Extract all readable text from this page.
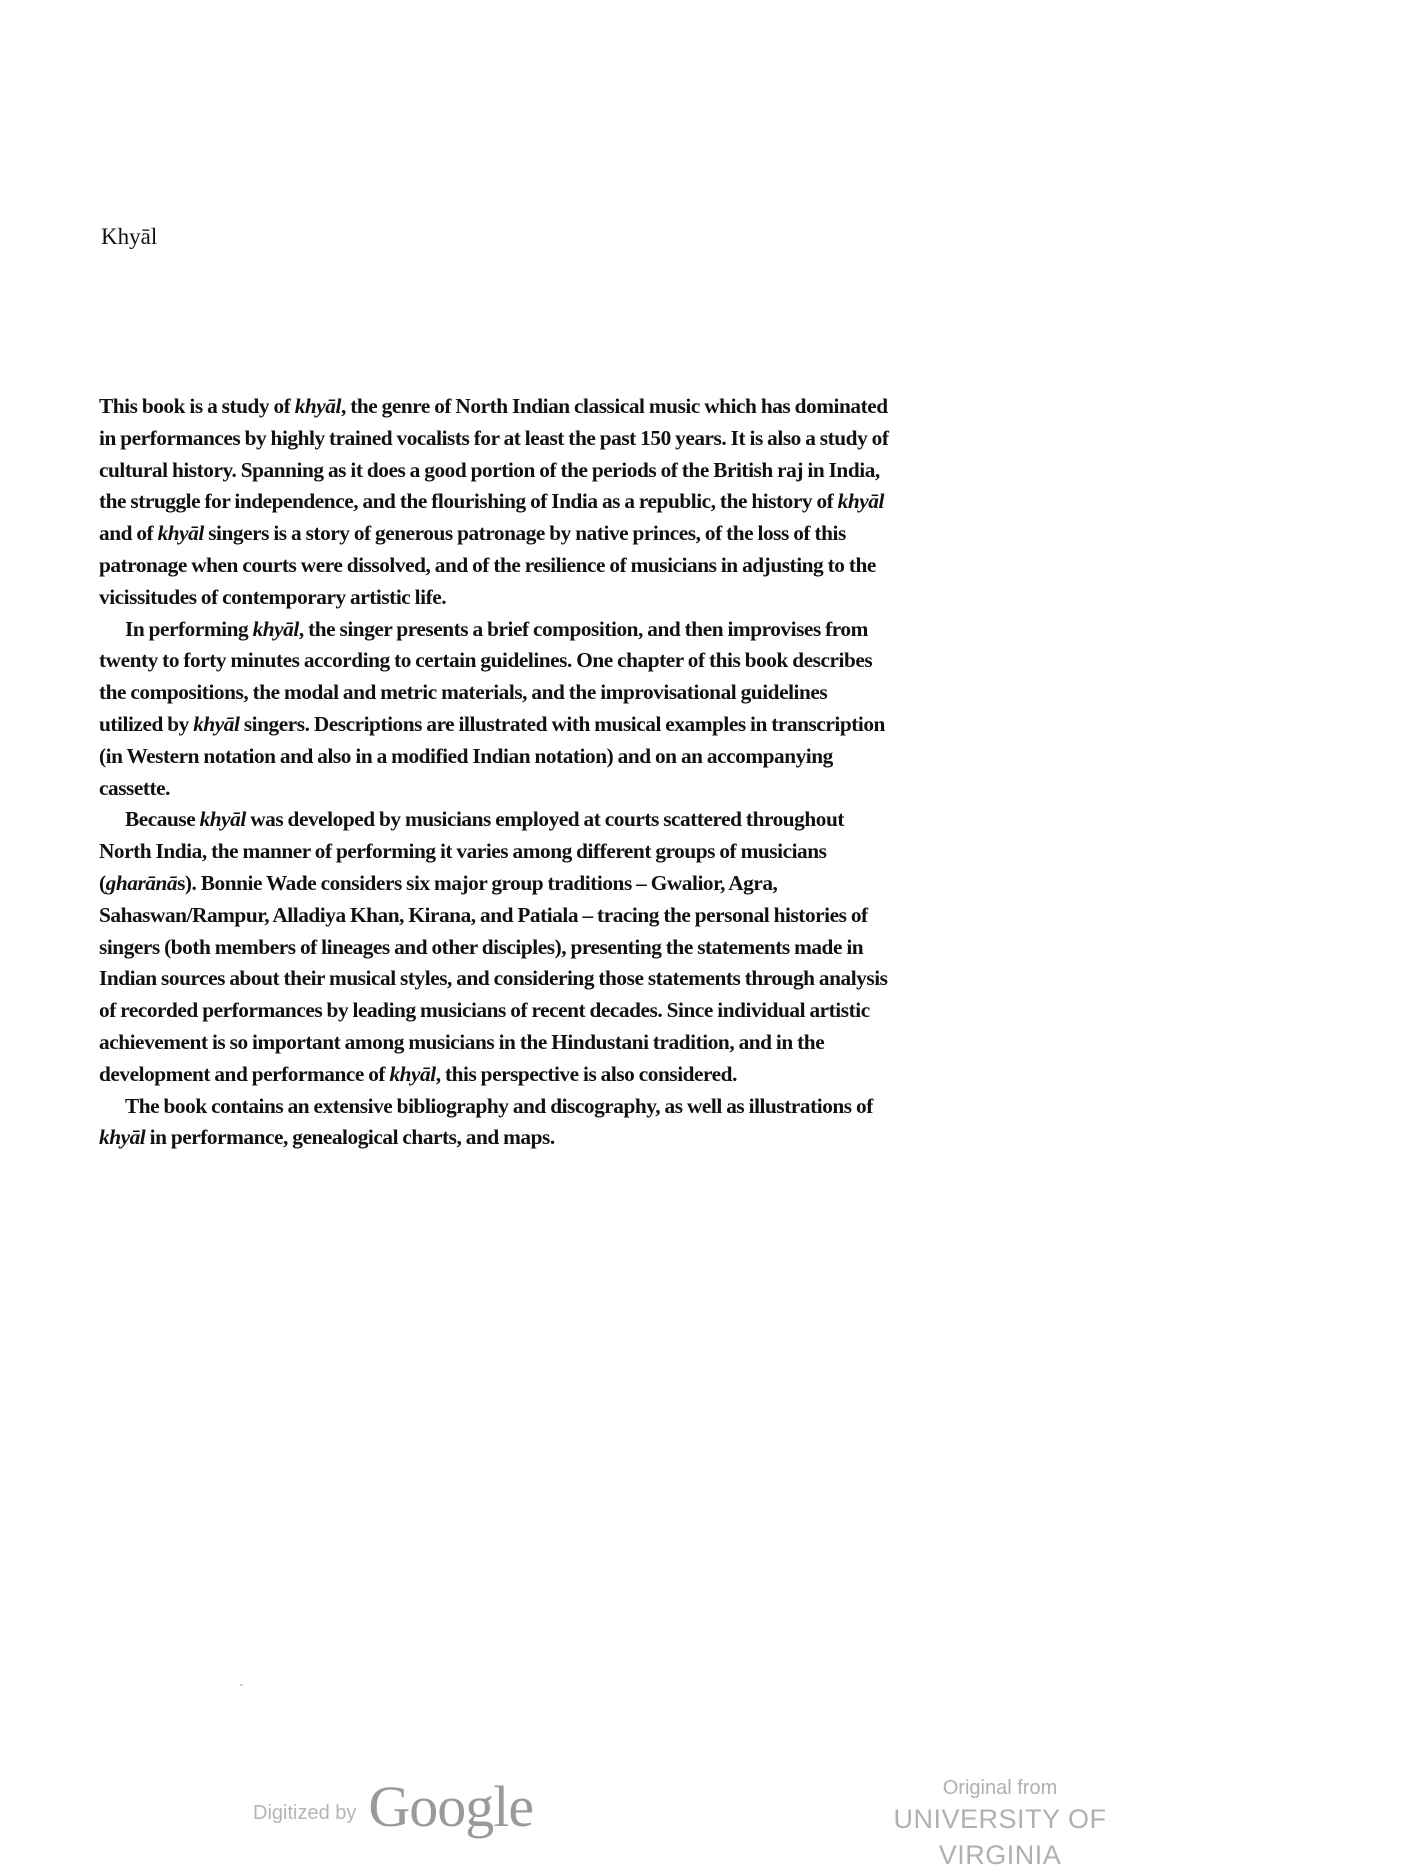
Khyāl

This book is a study of khyāl, the genre of North Indian classical music which has dominated
in performances by highly trained vocalists for at least the past 150 years. It is also a study of
cultural history. Spanning as it does a good portion of the periods of the British raj in India,
the struggle for independence, and the flourishing of India as a republic, the history of khyāl
and of khyāl singers is a story of generous patronage by native princes, of the loss of this
patronage when courts were dissolved, and of the resilience of musicians in adjusting to the
vicissitudes of contemporary artistic life.

In performing khyāl, the singer presents a brief composition, and then improvises from
twenty to forty minutes according to certain guidelines. One chapter of this book describes
the compositions, the modal and metric materials, and the improvisational guidelines
utilized by khyāl singers. Descriptions are illustrated with musical examples in transcription
(in Western notation and also in a modified Indian notation) and on an accompanying
cassette.

Because khyāl was developed by musicians employed at courts scattered throughout
North India, the manner of performing it varies among different groups of musicians
(gharānās). Bonnie Wade considers six major group traditions – Gwalior, Agra,
Sahaswan/Rampur, Alladiya Khan, Kirana, and Patiala – tracing the personal histories of
singers (both members of lineages and other disciples), presenting the statements made in
Indian sources about their musical styles, and considering those statements through analysis
of recorded performances by leading musicians of recent decades. Since individual artistic
achievement is so important among musicians in the Hindustani tradition, and in the
development and performance of khyāl, this perspective is also considered.

The book contains an extensive bibliography and discography, as well as illustrations of
khyāl in performance, genealogical charts, and maps.

Digitized by Google	Original from
UNIVERSITY OF VIRGINIA
